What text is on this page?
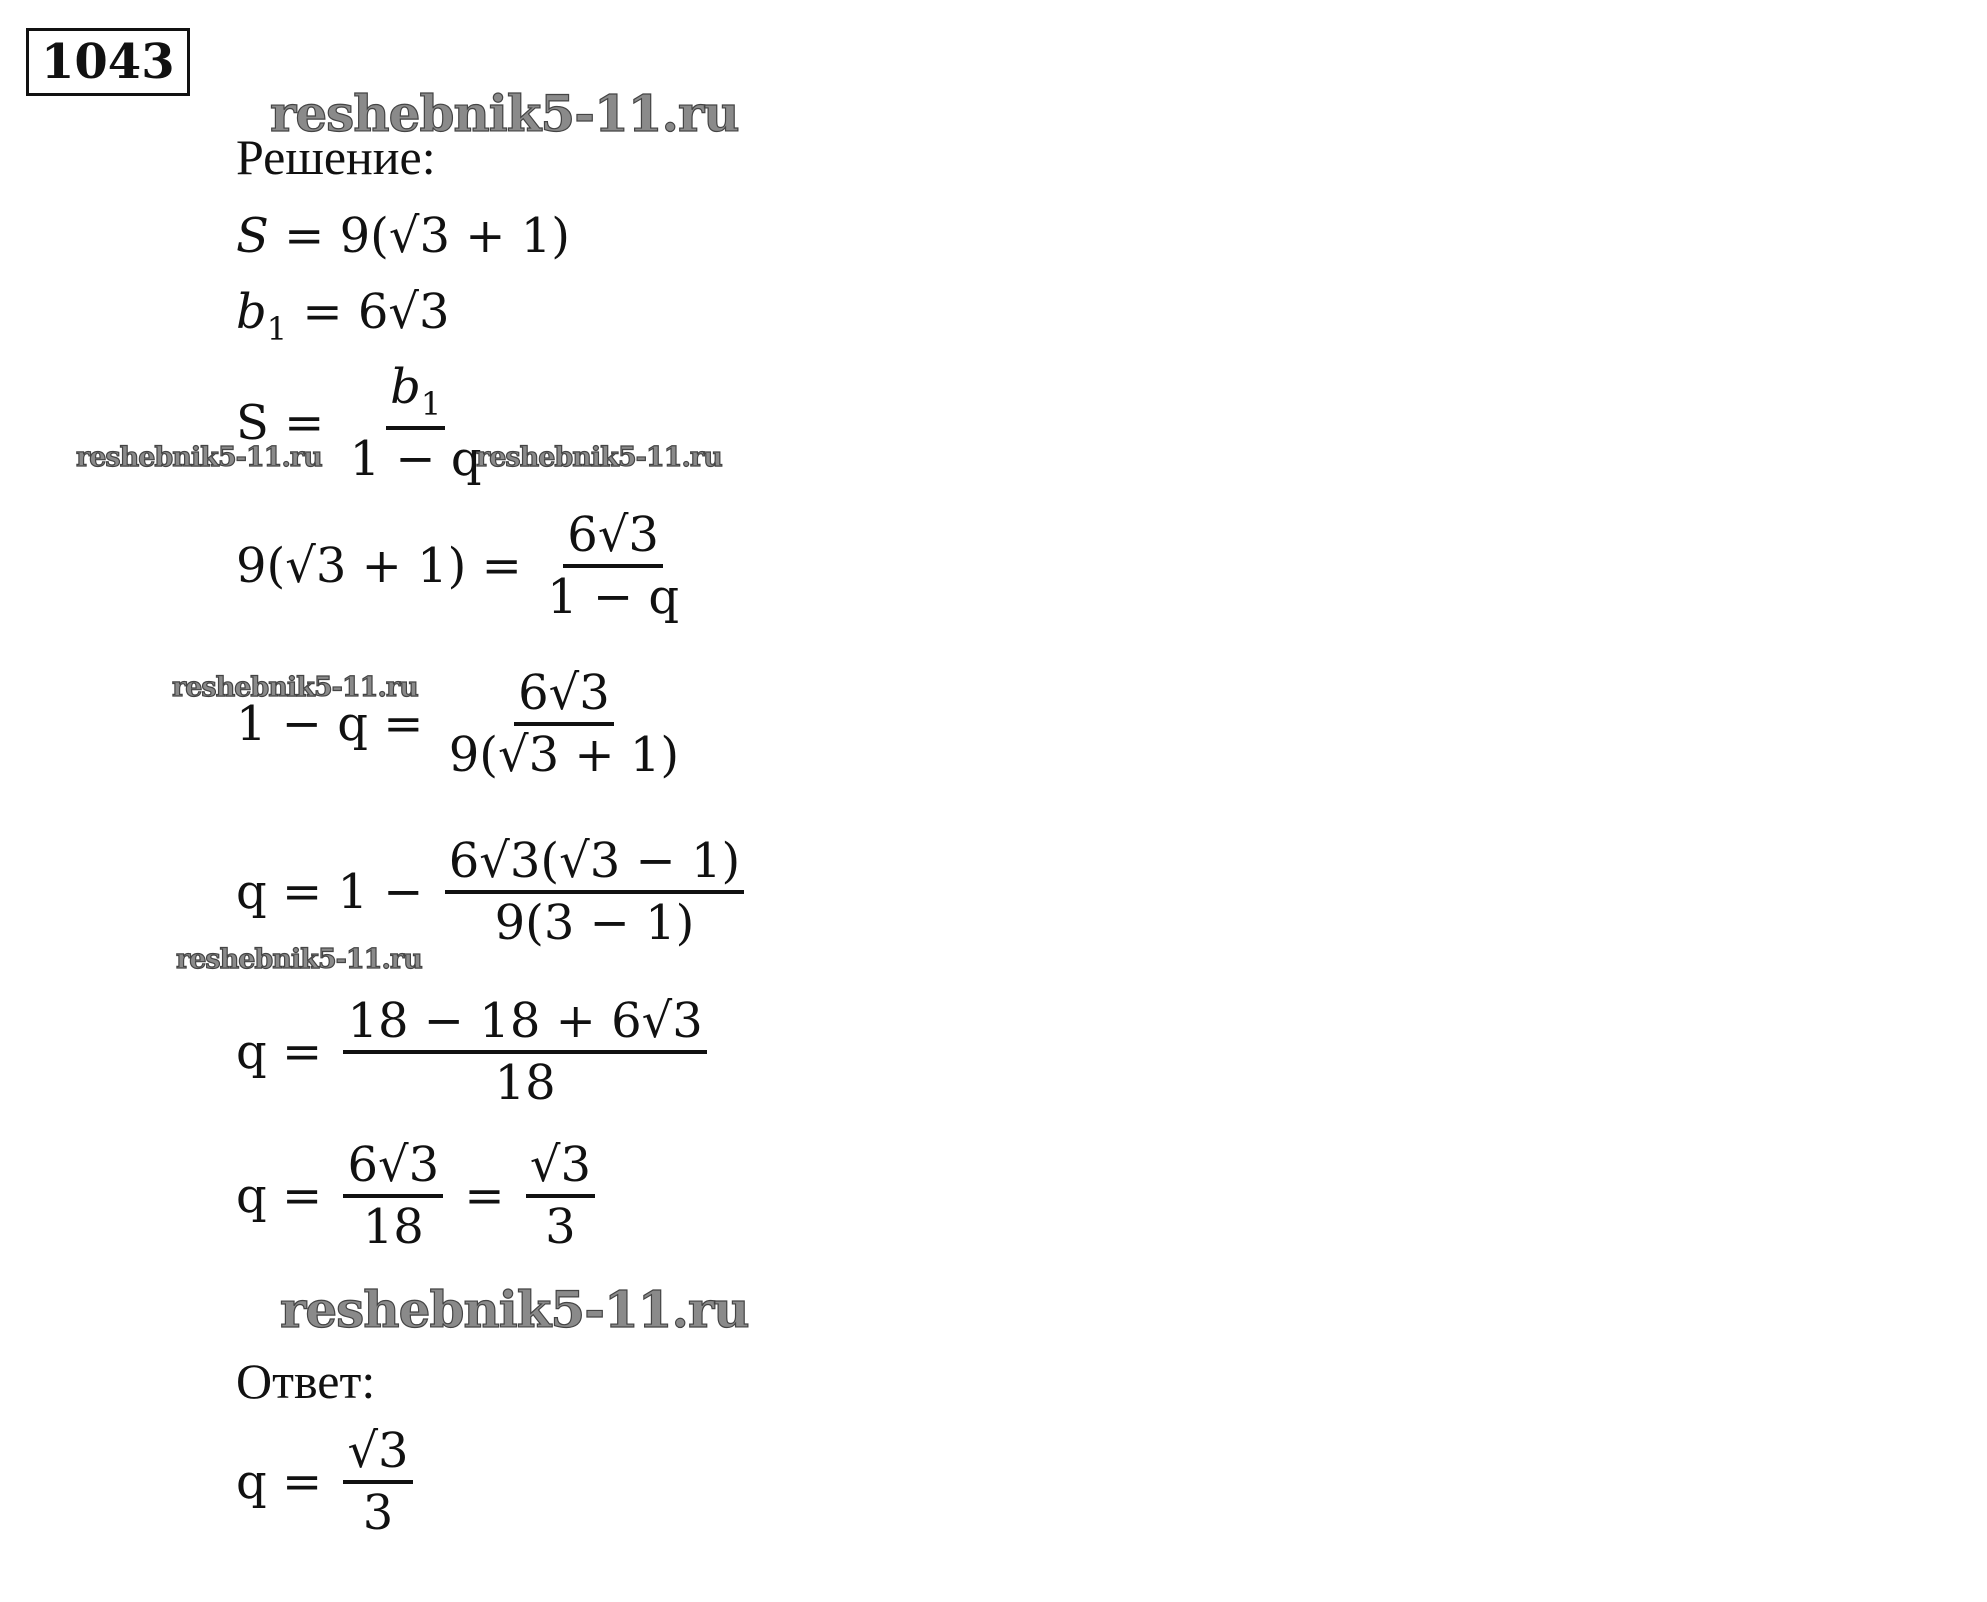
1043
reshebnik5-11.ru
Решение:
S = 9(√3 + 1)
$b_1 = 6√3$
$S = \frac{b_1}{1 - q}$
reshebnik5-11.ru	reshebnik5-11.ru
$9(√3 + 1) = \frac{6√3}{1 - q}$
reshebnik5-11.ru
$1 - q = \frac{6√3}{9(√3 + 1)}$
$q = 1 - \frac{6√3(√3 - 1)}{9(3 - 1)}$
reshebnik5-11.ru
$q = \frac{18 - 18 + 6√3}{18}$
$q = \frac{6√3}{18} = \frac{√3}{3}$
reshebnik5-11.ru
Ответ:
$q = \frac{√3}{3}$
